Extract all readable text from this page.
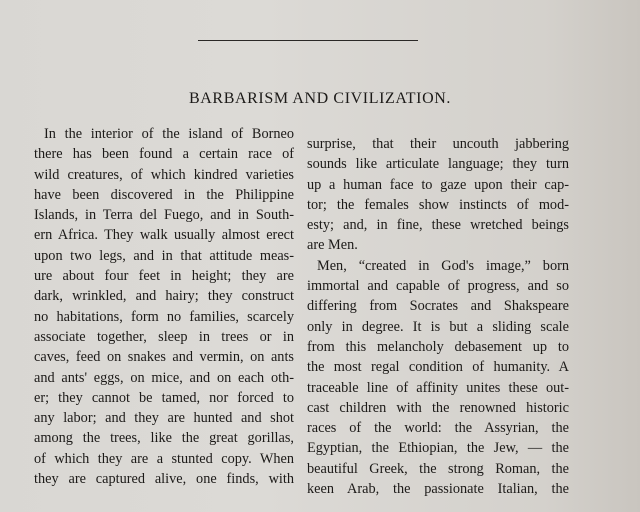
BARBARISM AND CIVILIZATION.
In the interior of the island of Borneo
there has been found a certain race of
wild creatures, of which kindred varieties
have been discovered in the Philippine
Islands, in Terra del Fuego, and in South-
ern Africa. They walk usually almost erect
upon two legs, and in that attitude meas-
ure about four feet in height; they are
dark, wrinkled, and hairy; they construct
no habitations, form no families, scarcely
associate together, sleep in trees or in
caves, feed on snakes and vermin, on ants
and ants' eggs, on mice, and on each oth-
er; they cannot be tamed, nor forced to
any labor; and they are hunted and shot
among the trees, like the great gorillas,
of which they are a stunted copy. When
they are captured alive, one finds, with
surprise, that their uncouth jabbering
sounds like articulate language; they turn
up a human face to gaze upon their cap-
tor; the females show instincts of mod-
esty; and, in fine, these wretched beings
are Men.
Men, “created in God's image,” born
immortal and capable of progress, and so
differing from Socrates and Shakspeare
only in degree. It is but a sliding scale
from this melancholy debasement up to
the most regal condition of humanity. A
traceable line of affinity unites these out-
cast children with the renowned historic
races of the world: the Assyrian, the
Egyptian, the Ethiopian, the Jew, — the
beautiful Greek, the strong Roman, the
keen Arab, the passionate Italian, the
